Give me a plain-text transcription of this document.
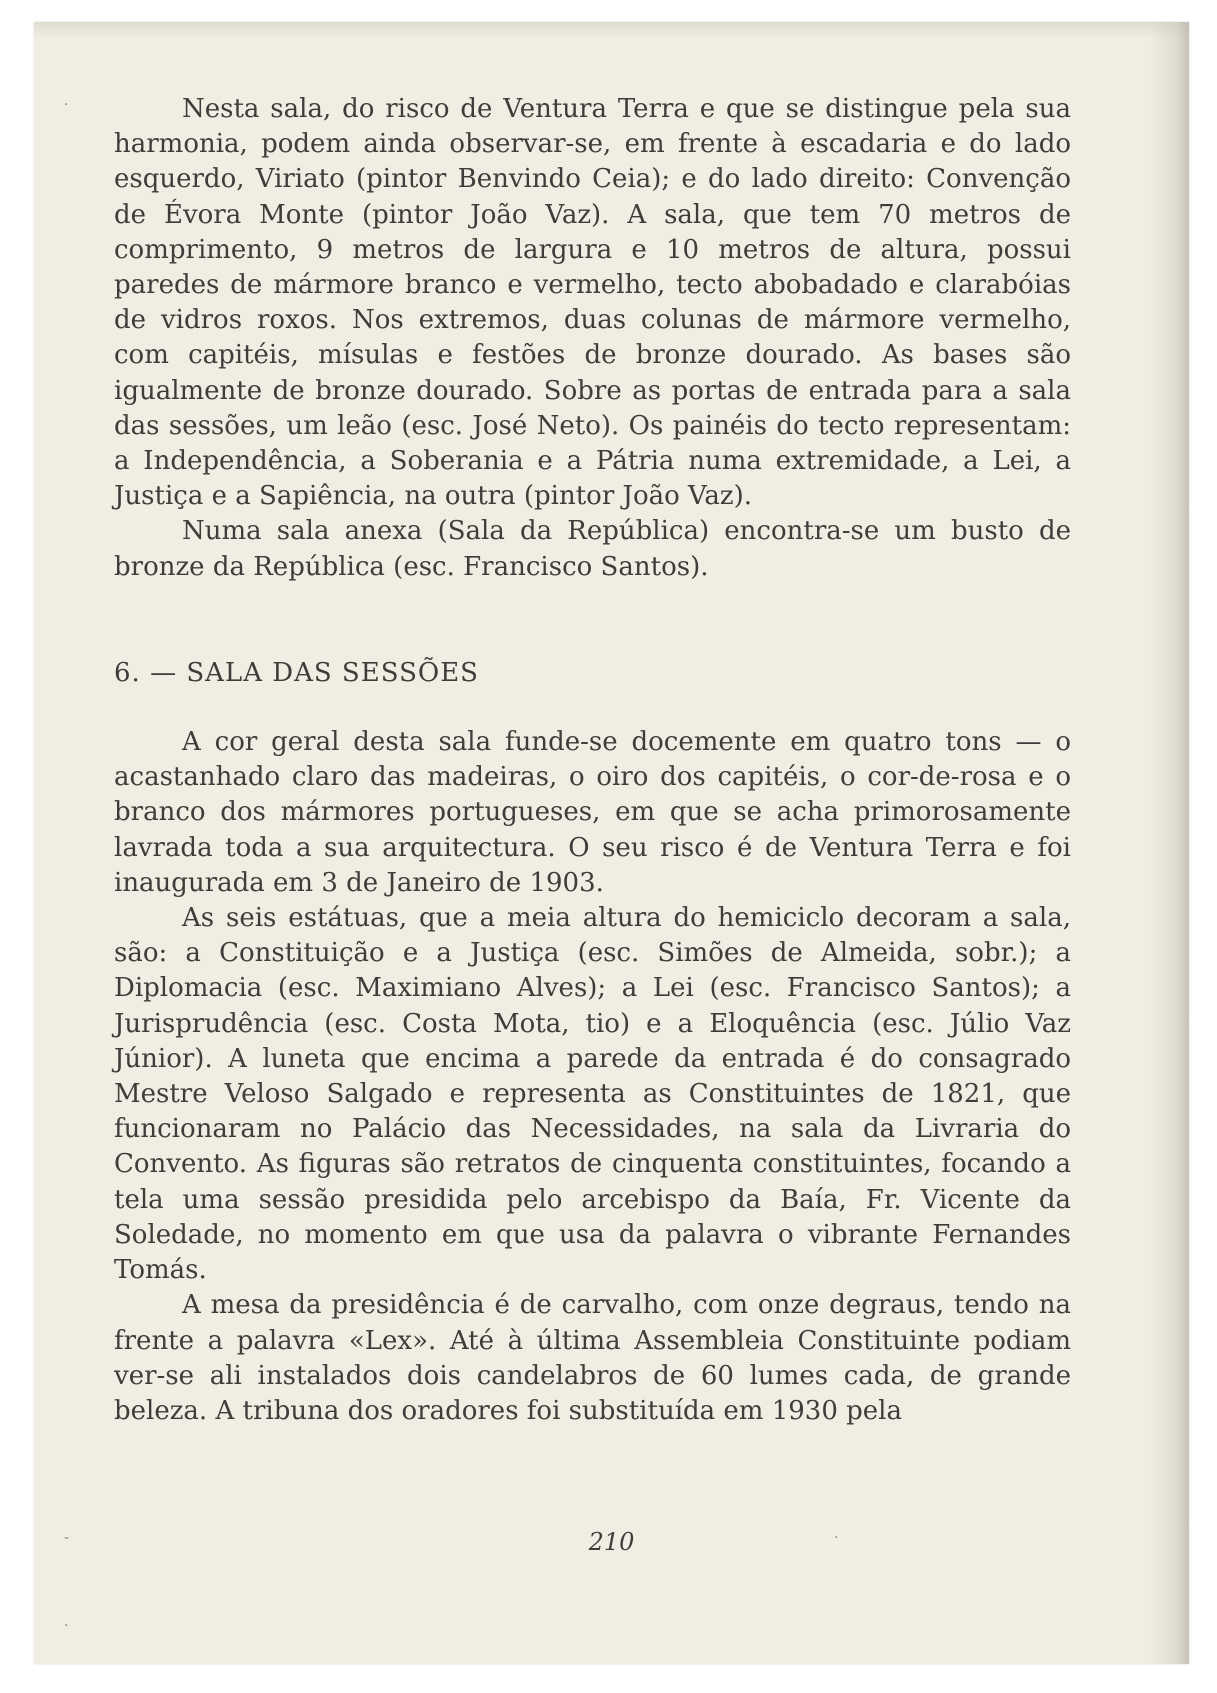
Nesta sala, do risco de Ventura Terra e que se distingue pela sua harmonia, podem ainda observar-se, em frente à escadaria e do lado esquerdo, Viriato (pintor Benvindo Ceia); e do lado direito: Convenção de Évora Monte (pintor João Vaz). A sala, que tem 70 metros de comprimento, 9 metros de largura e 10 metros de altura, possui paredes de mármore branco e vermelho, tecto abobadado e clarabóias de vidros roxos. Nos extremos, duas colunas de mármore vermelho, com capitéis, mísulas e festões de bronze dourado. As bases são igualmente de bronze dourado. Sobre as portas de entrada para a sala das sessões, um leão (esc. José Neto). Os painéis do tecto representam: a Independência, a Soberania e a Pátria numa extremidade, a Lei, a Justiça e a Sapiência, na outra (pintor João Vaz).

Numa sala anexa (Sala da República) encontra-se um busto de bronze da República (esc. Francisco Santos).

6. — SALA DAS SESSÕES

A cor geral desta sala funde-se docemente em quatro tons — o acastanhado claro das madeiras, o oiro dos capitéis, o cor-de-rosa e o branco dos mármores portugueses, em que se acha primorosamente lavrada toda a sua arquitectura. O seu risco é de Ventura Terra e foi inaugurada em 3 de Janeiro de 1903.

As seis estátuas, que a meia altura do hemiciclo decoram a sala, são: a Constituição e a Justiça (esc. Simões de Almeida, sobr.); a Diplomacia (esc. Maximiano Alves); a Lei (esc. Francisco Santos); a Jurisprudência (esc. Costa Mota, tio) e a Eloquência (esc. Júlio Vaz Júnior). A luneta que encima a parede da entrada é do consagrado Mestre Veloso Salgado e representa as Constituintes de 1821, que funcionaram no Palácio das Necessidades, na sala da Livraria do Convento. As figuras são retratos de cinquenta constituintes, focando a tela uma sessão presidida pelo arcebispo da Baía, Fr. Vicente da Soledade, no momento em que usa da palavra o vibrante Fernandes Tomás.

A mesa da presidência é de carvalho, com onze degraus, tendo na frente a palavra «Lex». Até à última Assembleia Constituinte podiam ver-se ali instalados dois candelabros de 60 lumes cada, de grande beleza. A tribuna dos oradores foi substituída em 1930 pela

210
·
-	·
·
